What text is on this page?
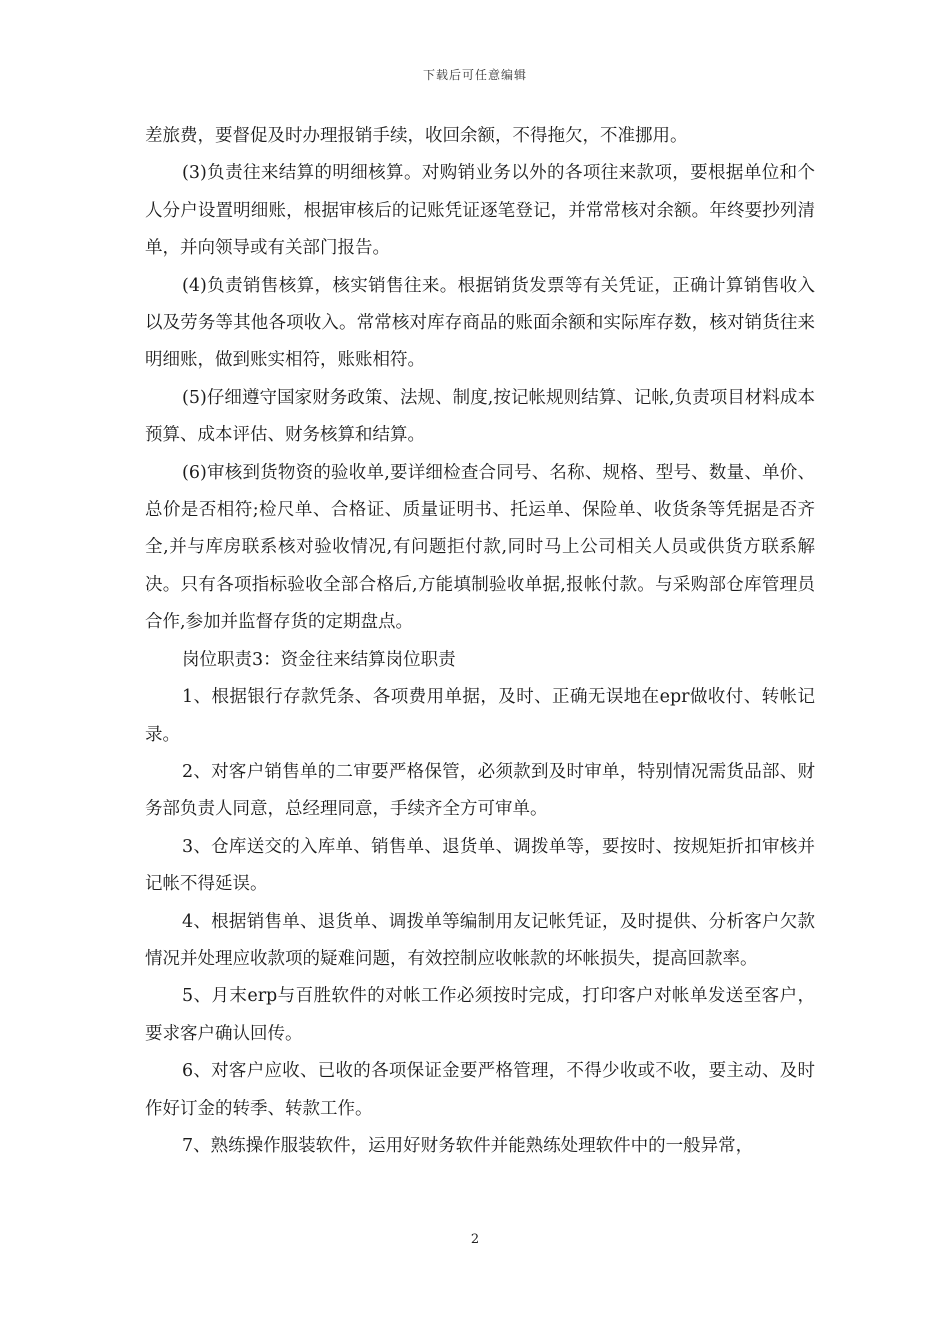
下载后可任意编辑

差旅费，要督促及时办理报销手续，收回余额，不得拖欠，不准挪用。

(3)负责往来结算的明细核算。对购销业务以外的各项往来款项，要根据单位和个人分户设置明细账，根据审核后的记账凭证逐笔登记，并常常核对余额。年终要抄列清单，并向领导或有关部门报告。

(4)负责销售核算，核实销售往来。根据销货发票等有关凭证，正确计算销售收入以及劳务等其他各项收入。常常核对库存商品的账面余额和实际库存数，核对销货往来明细账，做到账实相符，账账相符。

(5)仔细遵守国家财务政策、法规、制度,按记帐规则结算、记帐,负责项目材料成本预算、成本评估、财务核算和结算。

(6)审核到货物资的验收单,要详细检查合同号、名称、规格、型号、数量、单价、总价是否相符;检尺单、合格证、质量证明书、托运单、保险单、收货条等凭据是否齐全,并与库房联系核对验收情况,有问题拒付款,同时马上公司相关人员或供货方联系解决。只有各项指标验收全部合格后,方能填制验收单据,报帐付款。与采购部仓库管理员合作,参加并监督存货的定期盘点。

岗位职责3：资金往来结算岗位职责

1、根据银行存款凭条、各项费用单据，及时、正确无误地在epr做收付、转帐记录。

2、对客户销售单的二审要严格保管，必须款到及时审单，特别情况需货品部、财务部负责人同意，总经理同意，手续齐全方可审单。

3、仓库送交的入库单、销售单、退货单、调拨单等，要按时、按规矩折扣审核并记帐不得延误。

4、根据销售单、退货单、调拨单等编制用友记帐凭证，及时提供、分析客户欠款情况并处理应收款项的疑难问题，有效控制应收帐款的坏帐损失，提高回款率。

5、月末erp与百胜软件的对帐工作必须按时完成，打印客户对帐单发送至客户，要求客户确认回传。

6、对客户应收、已收的各项保证金要严格管理，不得少收或不收，要主动、及时作好订金的转季、转款工作。

7、熟练操作服装软件，运用好财务软件并能熟练处理软件中的一般异常，

2
